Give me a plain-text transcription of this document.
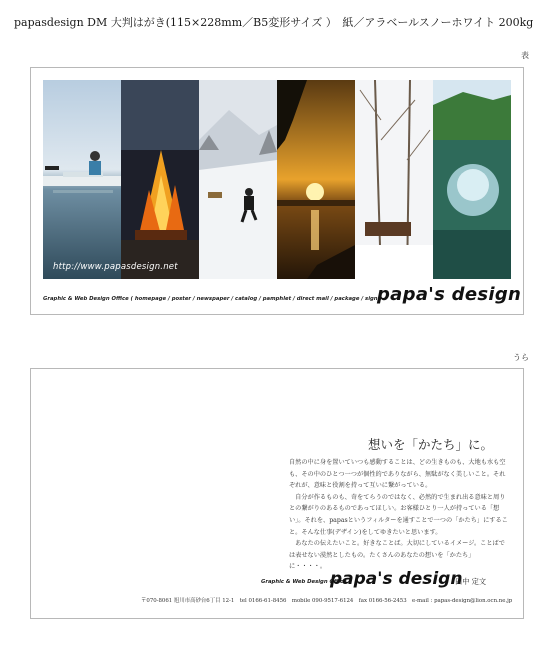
papasdesign DM 大判はがき(115×228mm／B5変形サイズ ）　紙／アラベールスノーホワイト 200kg
表
http://www.papasdesign.net
Graphic & Web Design Office ( homepage / poster / newspaper / catalog / pamphlet / direct mail / package / sign )
papa's design
うら
想いを「かたち」に。

自然の中に身を置いていつも感動することは、どの生きものも、大地も水も空も、その中のひとつ一つが個性的でありながら、無駄がなく美しいこと。それぞれが、意味と役割を持って互いに繋がっている。

　自分が作るものも、奇をてらうのではなく、必然的で生まれ出る意味と周りとの繋がりのあるものであってほしい。お客様ひとり一人が持っている「想い」。それを、papasというフィルターを通すことで一つの「かたち」にすること。そんな仕事(デザイン)をしてゆきたいと思います。

　あなたの伝えたいこと。好きなことば。大切にしているイメージ。ことばでは表せない漠然としたもの。たくさんのあなたの想いを「かたち」に・・・・。

Graphic & Web Design Office
papa's design
田中 定文
〒070-8061 旭川市高砂台6丁目 12-1　tel 0166-61-8456　mobile 090-9517-6124　fax 0166-56-2453　e-mail : papas-design@lion.ocn.ne.jp
